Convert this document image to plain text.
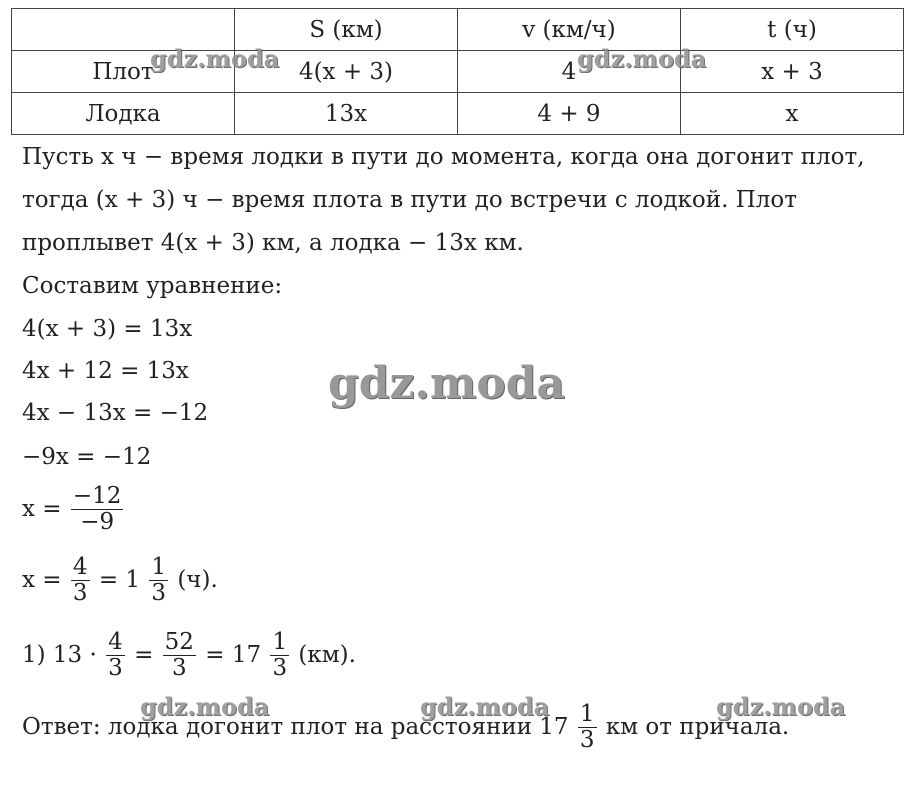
	S (км)	v (км/ч)	t (ч)
Плот	4(x + 3)	4	x + 3
Лодка	13x	4 + 9	x
Пусть x ч − время лодки в пути до момента, когда она догонит плот,
тогда (x + 3) ч − время плота в пути до встречи с лодкой. Плот
проплывет 4(x + 3) км, а лодка − 13x км.
Составим уравнение:
4(x + 3) = 13x
4x + 12 = 13x
4x − 13x = −12
−9x = −12
$x = \frac{-12}{-9}$
$x = \frac{4}{3} = 1 \frac{1}{3} (ч)$.
1) $13 \cdot \frac{4}{3} = \frac{52}{3} = 17 \frac{1}{3} (км)$.
Ответ: лодка догонит плот на расстоянии $17 \frac{1}{3}$ км от причала.
gdz.moda	gdz.moda
gdz.moda
gdz.moda	gdz.moda	gdz.moda
